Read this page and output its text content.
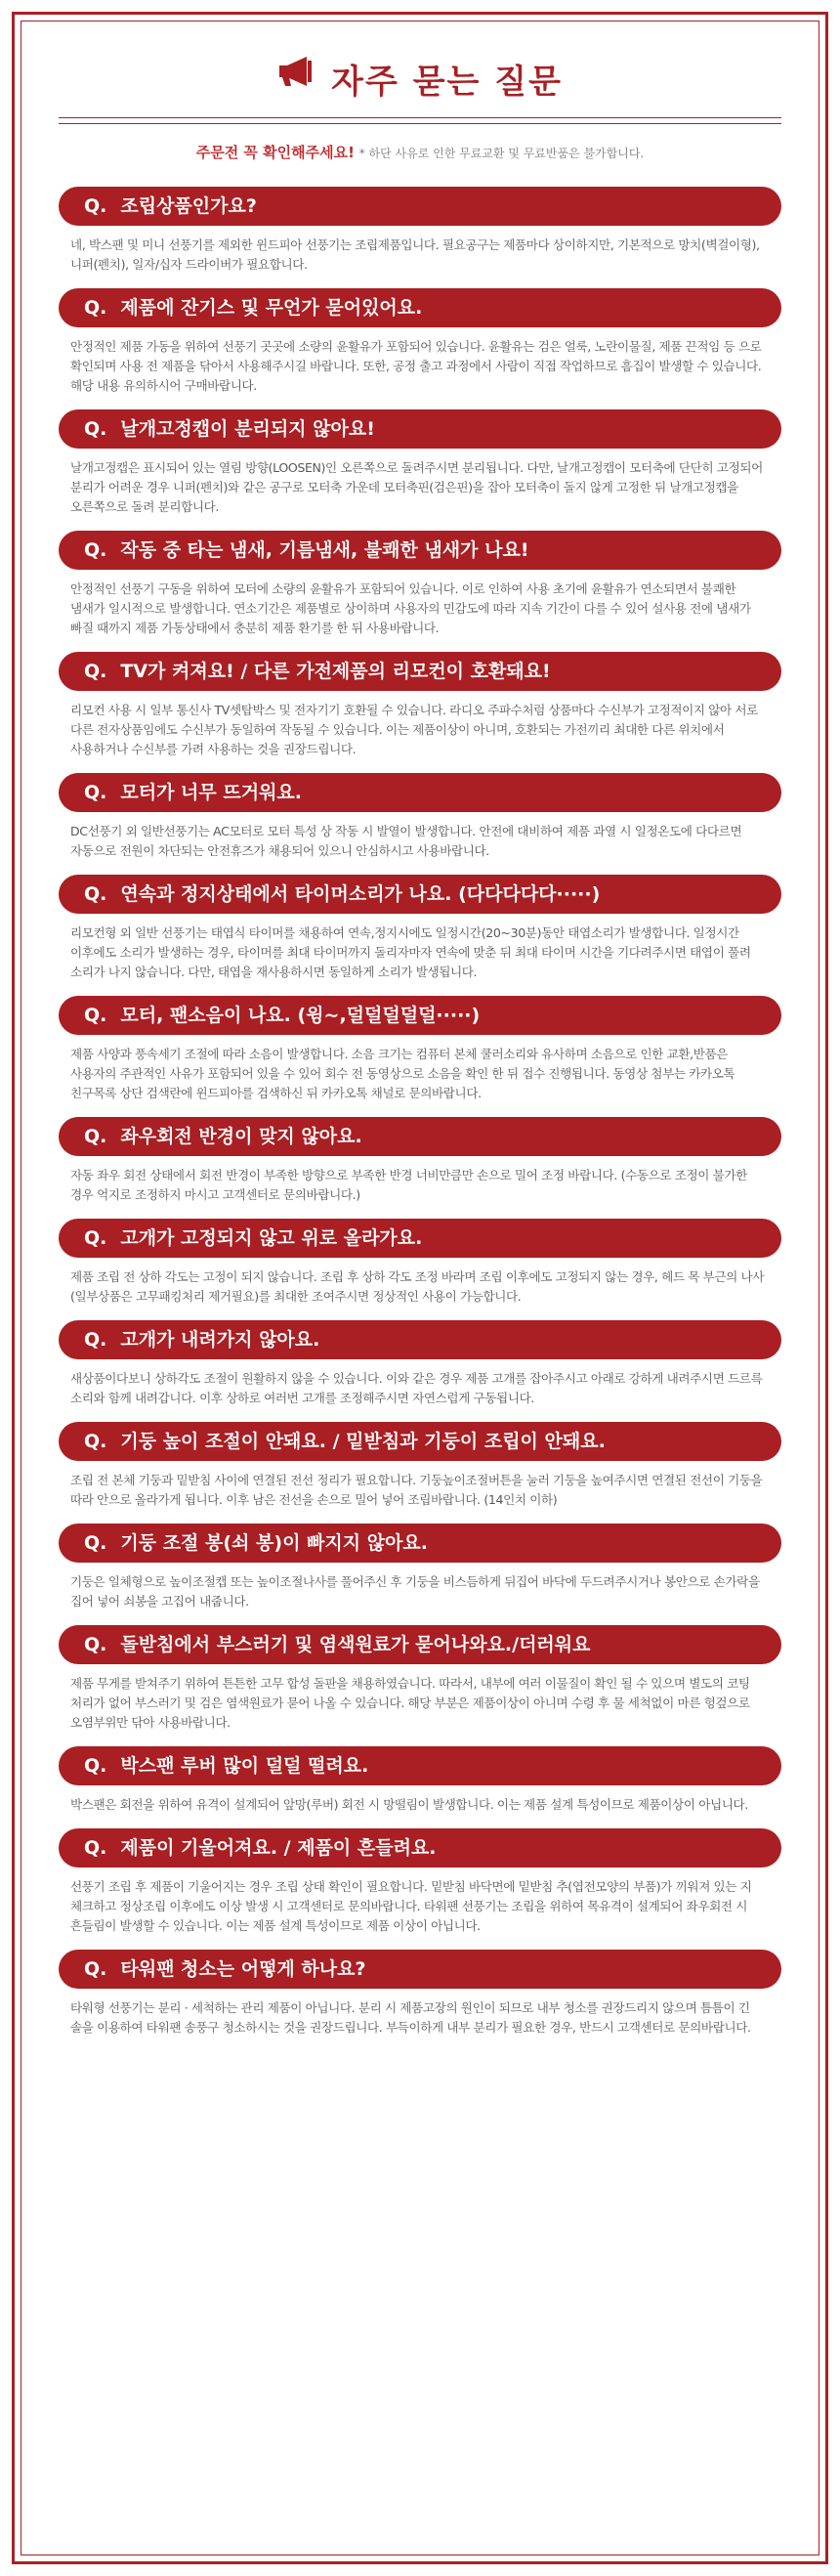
자주 묻는 질문
주문전 꼭 확인해주세요! * 하단 사유로 인한 무료교환 및 무료반품은 불가합니다.
Q. 조립상품인가요?
네, 박스팬 및 미니 선풍기를 제외한 윈드피아 선풍기는 조립제품입니다. 필요공구는 제품마다 상이하지만, 기본적으로 망치(벽걸이형), 니퍼(펜치), 일자/십자 드라이버가 필요합니다.
Q. 제품에 잔기스 및 무언가 묻어있어요.
안정적인 제품 가동을 위하여 선풍기 곳곳에 소량의 윤활유가 포함되어 있습니다. 윤활유는 검은 얼룩, 노란이물질, 제품 끈적임 등 으로 확인되며 사용 전 제품을 닦아서 사용해주시길 바랍니다. 또한, 공정 출고 과정에서 사람이 직접 작업하므로 흠집이 발생할 수 있습니다. 해당 내용 유의하시어 구매바랍니다.
Q. 날개고정캡이 분리되지 않아요!
날개고정캡은 표시되어 있는 열림 방향(LOOSEN)인 오른쪽으로 돌려주시면 분리됩니다. 다만, 날개고정캡이 모터축에 단단히 고정되어 분리가 어려운 경우 니퍼(펜치)와 같은 공구로 모터축 가운데 모터축핀(검은핀)을 잡아 모터축이 돌지 않게 고정한 뒤 날개고정캡을 오른쪽으로 돌려 분리합니다.
Q. 작동 중 타는 냄새, 기름냄새, 불쾌한 냄새가 나요!
안정적인 선풍기 구동을 위하여 모터에 소량의 윤활유가 포함되어 있습니다. 이로 인하여 사용 초기에 윤활유가 연소되면서 불쾌한 냄새가 일시적으로 발생합니다. 연소기간은 제품별로 상이하며 사용자의 민감도에 따라 지속 기간이 다를 수 있어 설사용 전에 냄새가 빠질 때까지 제품 가동상태에서 충분히 제품 환기를 한 뒤 사용바랍니다.
Q. TV가 켜져요! / 다른 가전제품의 리모컨이 호환돼요!
리모컨 사용 시 일부 통신사 TV셋탑박스 및 전자기기 호환될 수 있습니다. 라디오 주파수처럼 상품마다 수신부가 고정적이지 않아 서로 다른 전자상품임에도 수신부가 동일하여 작동될 수 있습니다. 이는 제품이상이 아니며, 호환되는 가전끼리 최대한 다른 위치에서 사용하거나 수신부를 가려 사용하는 것을 권장드립니다.
Q. 모터가 너무 뜨거워요.
DC선풍기 외 일반선풍기는 AC모터로 모터 특성 상 작동 시 발열이 발생합니다. 안전에 대비하여 제품 과열 시 일정온도에 다다르면 자동으로 전원이 차단되는 안전휴즈가 채용되어 있으니 안심하시고 사용바랍니다.
Q. 연속과 정지상태에서 타이머소리가 나요. (다다다다다·····)
리모컨형 외 일반 선풍기는 태엽식 타이머를 채용하여 연속,정지시에도 일정시간(20~30분)동안 태엽소리가 발생합니다. 일정시간 이후에도 소리가 발생하는 경우, 타이머를 최대 타이머까지 돌리자마자 연속에 맞춘 뒤 최대 타이머 시간을 기다려주시면 태엽이 풀려 소리가 나지 않습니다. 다만, 태엽을 재사용하시면 동일하게 소리가 발생됩니다.
Q. 모터, 팬소음이 나요. (윙~,덜덜덜덜덜·····)
제품 사양과 풍속세기 조절에 따라 소음이 발생합니다. 소음 크기는 컴퓨터 본체 쿨러소리와 유사하며 소음으로 인한 교환,반품은 사용자의 주관적인 사유가 포함되어 있을 수 있어 회수 전 동영상으로 소음을 확인 한 뒤 접수 진행됩니다. 동영상 첨부는 카카오톡 친구목록 상단 검색란에 윈드피아를 검색하신 뒤 카카오톡 채널로 문의바랍니다.
Q. 좌우회전 반경이 맞지 않아요.
자동 좌우 회전 상태에서 회전 반경이 부족한 방향으로 부족한 반경 너비만큼만 손으로 밀어 조정 바랍니다. (수동으로 조정이 불가한 경우 억지로 조정하지 마시고 고객센터로 문의바랍니다.)
Q. 고개가 고정되지 않고 위로 올라가요.
제품 조립 전 상하 각도는 고정이 되지 않습니다. 조립 후 상하 각도 조정 바라며 조립 이후에도 고정되지 않는 경우, 헤드 목 부근의 나사(일부상품은 고무패킹처리 제거필요)를 최대한 조여주시면 정상적인 사용이 가능합니다.
Q. 고개가 내려가지 않아요.
새상품이다보니 상하각도 조절이 원활하지 않을 수 있습니다. 이와 같은 경우 제품 고개를 잡아주시고 아래로 강하게 내려주시면 드르륵 소리와 함께 내려갑니다. 이후 상하로 여러번 고개를 조정해주시면 자연스럽게 구동됩니다.
Q. 기둥 높이 조절이 안돼요. / 밑받침과 기둥이 조립이 안돼요.
조립 전 본체 기둥과 밑받침 사이에 연결된 전선 정리가 필요합니다. 기둥높이조절버튼을 눌러 기둥을 높여주시면 연결된 전선이 기둥을 따라 안으로 올라가게 됩니다. 이후 남은 전선을 손으로 밀어 넣어 조립바랍니다. (14인치 이하)
Q. 기둥 조절 봉(쇠 봉)이 빠지지 않아요.
기둥은 일체형으로 높이조절캡 또는 높이조절나사를 풀어주신 후 기둥을 비스듬하게 뒤집어 바닥에 두드려주시거나 봉안으로 손가락을 집어 넣어 쇠봉을 고집어 내줍니다.
Q. 돌받침에서 부스러기 및 염색원료가 묻어나와요./더러워요
제품 무게를 받쳐주기 위하여 튼튼한 고무 합성 돌판을 채용하였습니다. 따라서, 내부에 여러 이물질이 확인 될 수 있으며 별도의 코팅 처리가 없어 부스러기 및 검은 염색원료가 묻어 나올 수 있습니다. 해당 부분은 제품이상이 아니며 수령 후 물 세척없이 마른 헝겊으로 오염부위만 닦아 사용바랍니다.
Q. 박스팬 루버 많이 덜덜 떨려요.
박스팬은 회전을 위하여 유격이 설계되어 앞망(루버) 회전 시 망떨림이 발생합니다. 이는 제품 설계 특성이므로 제품이상이 아닙니다.
Q. 제품이 기울어져요. / 제품이 흔들려요.
선풍기 조립 후 제품이 기울어지는 경우 조립 상태 확인이 필요합니다. 밑받침 바닥면에 밑받침 추(엽전모양의 부품)가 끼워져 있는 지 체크하고 정상조립 이후에도 이상 발생 시 고객센터로 문의바랍니다. 타워팬 선풍기는 조립을 위하여 목유격이 설계되어 좌우회전 시 흔들림이 발생할 수 있습니다. 이는 제품 설계 특성이므로 제품 이상이 아닙니다.
Q. 타워팬 청소는 어떻게 하나요?
타워형 선풍기는 분리 · 세척하는 관리 제품이 아닙니다. 분리 시 제품고장의 원인이 되므로 내부 청소를 권장드리지 않으며 틈틈이 긴 솔을 이용하여 타워팬 송풍구 청소하시는 것을 권장드립니다. 부득이하게 내부 분리가 필요한 경우, 반드시 고객센터로 문의바랍니다.
